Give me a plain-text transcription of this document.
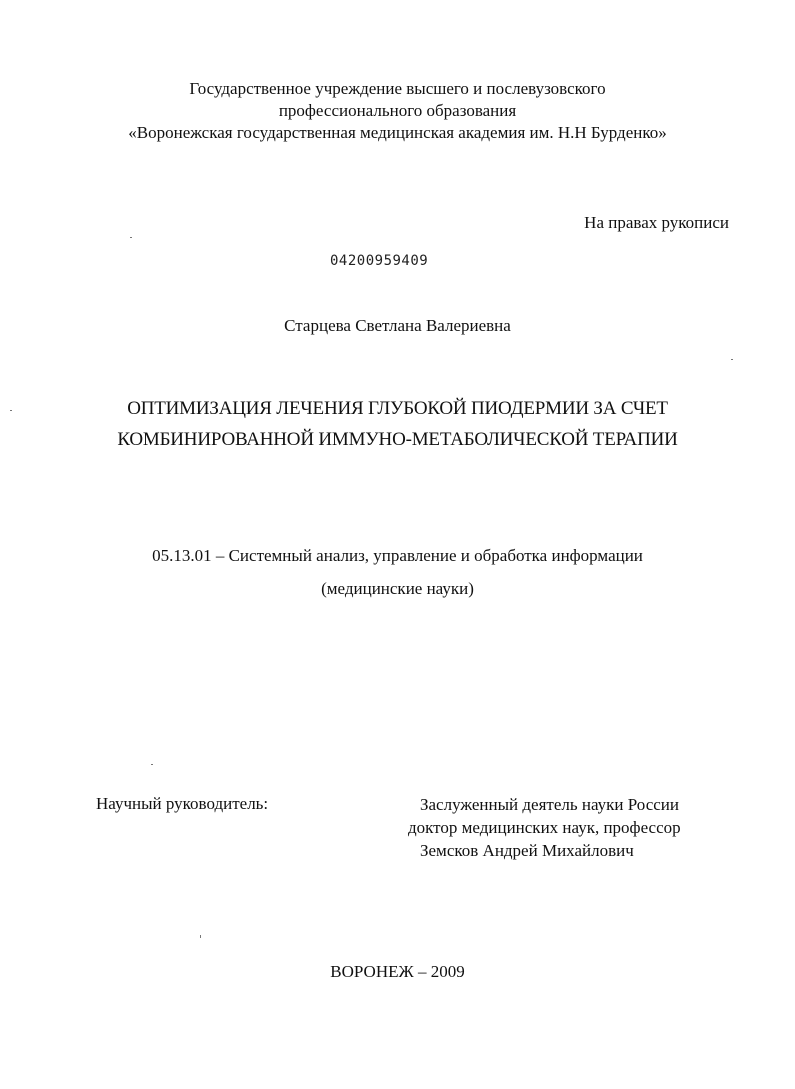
Государственное учреждение высшего и послевузовского
профессионального образования
«Воронежская государственная медицинская академия им. Н.Н Бурденко»
На правах рукописи
04200959409
Старцева Светлана Валериевна
ОПТИМИЗАЦИЯ ЛЕЧЕНИЯ ГЛУБОКОЙ ПИОДЕРМИИ ЗА СЧЕТ
КОМБИНИРОВАННОЙ ИММУНО-МЕТАБОЛИЧЕСКОЙ ТЕРАПИИ
05.13.01 – Системный анализ, управление и обработка информации
(медицинские науки)
Научный руководитель:	Заслуженный деятель науки России
доктор медицинских наук, профессор
Земсков Андрей Михайлович
ВОРОНЕЖ – 2009
